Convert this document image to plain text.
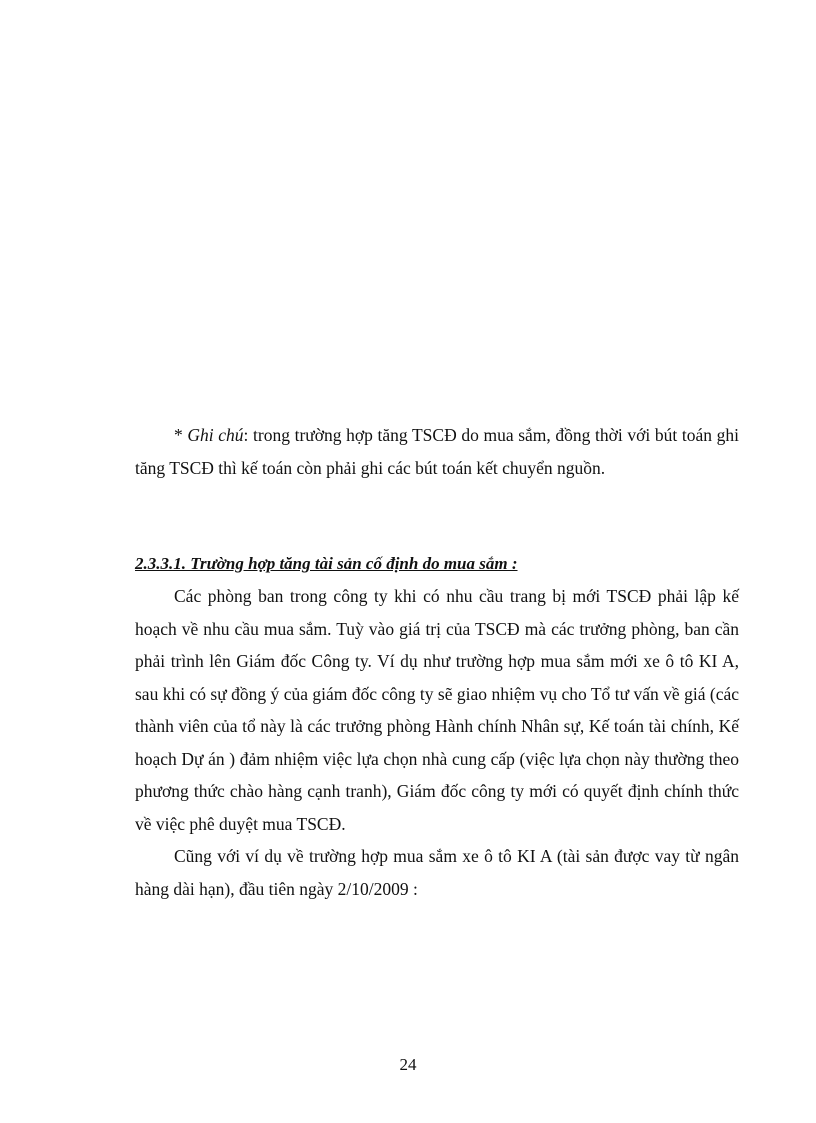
* Ghi chú: trong trường hợp tăng TSCĐ do mua sắm, đồng thời với bút toán ghi tăng TSCĐ thì kế toán còn phải ghi các bút toán kết chuyển nguồn.

2.3.3.1. Trường hợp tăng tài sản cố định do mua sắm :

Các phòng ban trong công ty khi có nhu cầu trang bị mới TSCĐ phải lập kế hoạch về nhu cầu mua sắm. Tuỳ vào giá trị của TSCĐ mà các trưởng phòng, ban cần phải trình lên Giám đốc Công ty. Ví dụ như trường hợp mua sắm mới xe ô tô KI A, sau khi có sự đồng ý của giám đốc công ty sẽ giao nhiệm vụ cho Tổ tư vấn về giá (các thành viên của tổ này là các trưởng phòng Hành chính Nhân sự, Kế toán tài chính, Kế hoạch Dự án ) đảm nhiệm việc lựa chọn nhà cung cấp (việc lựa chọn này thường theo phương thức chào hàng cạnh tranh), Giám đốc công ty mới có quyết định chính thức về việc phê duyệt mua TSCĐ.

Cũng với ví dụ về trường hợp mua sắm xe ô tô KI A (tài sản được vay từ ngân hàng dài hạn), đầu tiên ngày 2/10/2009 :

24
